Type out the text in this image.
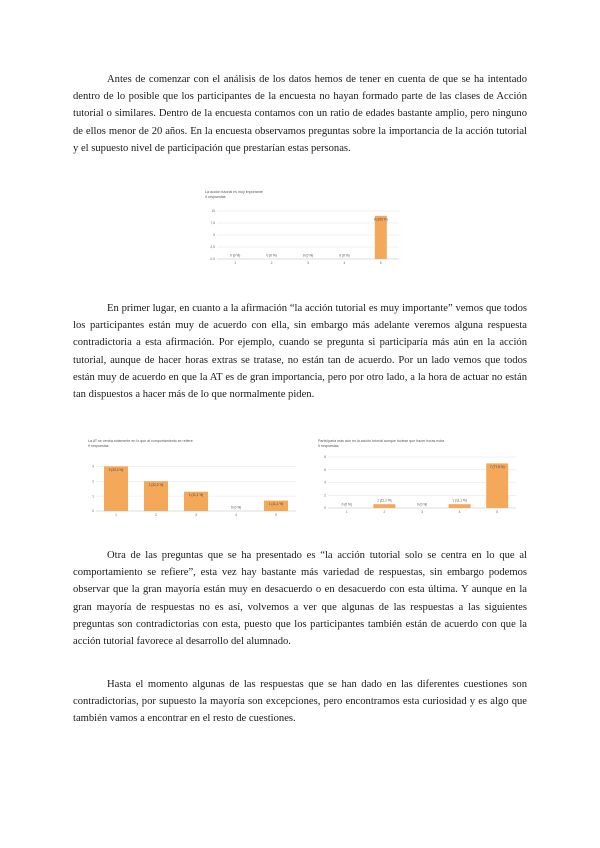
Antes de comenzar con el análisis de los datos hemos de tener en cuenta de que se ha intentado dentro de lo posible que los participantes de la encuesta no hayan formado parte de las clases de Acción tutorial o similares. Dentro de la encuesta contamos con un ratio de edades bastante amplio, pero ninguno de ellos menor de 20 años. En la encuesta observamos preguntas sobre la importancia de la acción tutorial y el supuesto nivel de participación que prestarían estas personas.

La acción tutorial es muy importante
9 respuestas
0,0
2,5
5
7,5
10
0 (0 %)
1
0 (0 %)
2
0 (0 %)
3
0 (0 %)
4
9 (100 %)
5

En primer lugar, en cuanto a la afirmación “la acción tutorial es muy importante” vemos que todos los participantes están muy de acuerdo con ella, sin embargo más adelante veremos alguna respuesta contradictoria a esta afirmación. Por ejemplo, cuando se pregunta si participaría más aún en la acción tutorial, aunque de hacer horas extras se tratase, no están tan de acuerdo. Por un lado vemos que todos están muy de acuerdo en que la AT es de gran importancia, pero por otro lado, a la hora de actuar no están tan dispuestos a hacer más de lo que normalmente piden.

La AT se centra solamente en lo que al comportamiento se refiere
9 respuestas
0
1
2
3
3 (33,3 %)
1
2 (22,2 %)
2
1 (11,1 %)
3
0 (0 %)
4
1 (11,1 %)
5
Participaría más aún en la acción tutorial aunque tuviese que hacer horas extra
9 respuestas
0
2
4
6
8
0 (0 %)
1
1 (11,1 %)
2
0 (0 %)
3
1 (11,1 %)
4
7 (77,8 %)
5

Otra de las preguntas que se ha presentado es “la acción tutorial solo se centra en lo que al comportamiento se refiere”, esta vez hay bastante más variedad de respuestas, sin embargo podemos observar que la gran mayoría están muy en desacuerdo o en desacuerdo con esta última. Y aunque en la gran mayoría de respuestas no es así, volvemos a ver que algunas de las respuestas a las siguientes preguntas son contradictorias con esta, puesto que los participantes también están de acuerdo con que la acción tutorial favorece al desarrollo del alumnado.

Hasta el momento algunas de las respuestas que se han dado en las diferentes cuestiones son contradictorias, por supuesto la mayoría son excepciones, pero encontramos esta curiosidad y es algo que también vamos a encontrar en el resto de cuestiones.
